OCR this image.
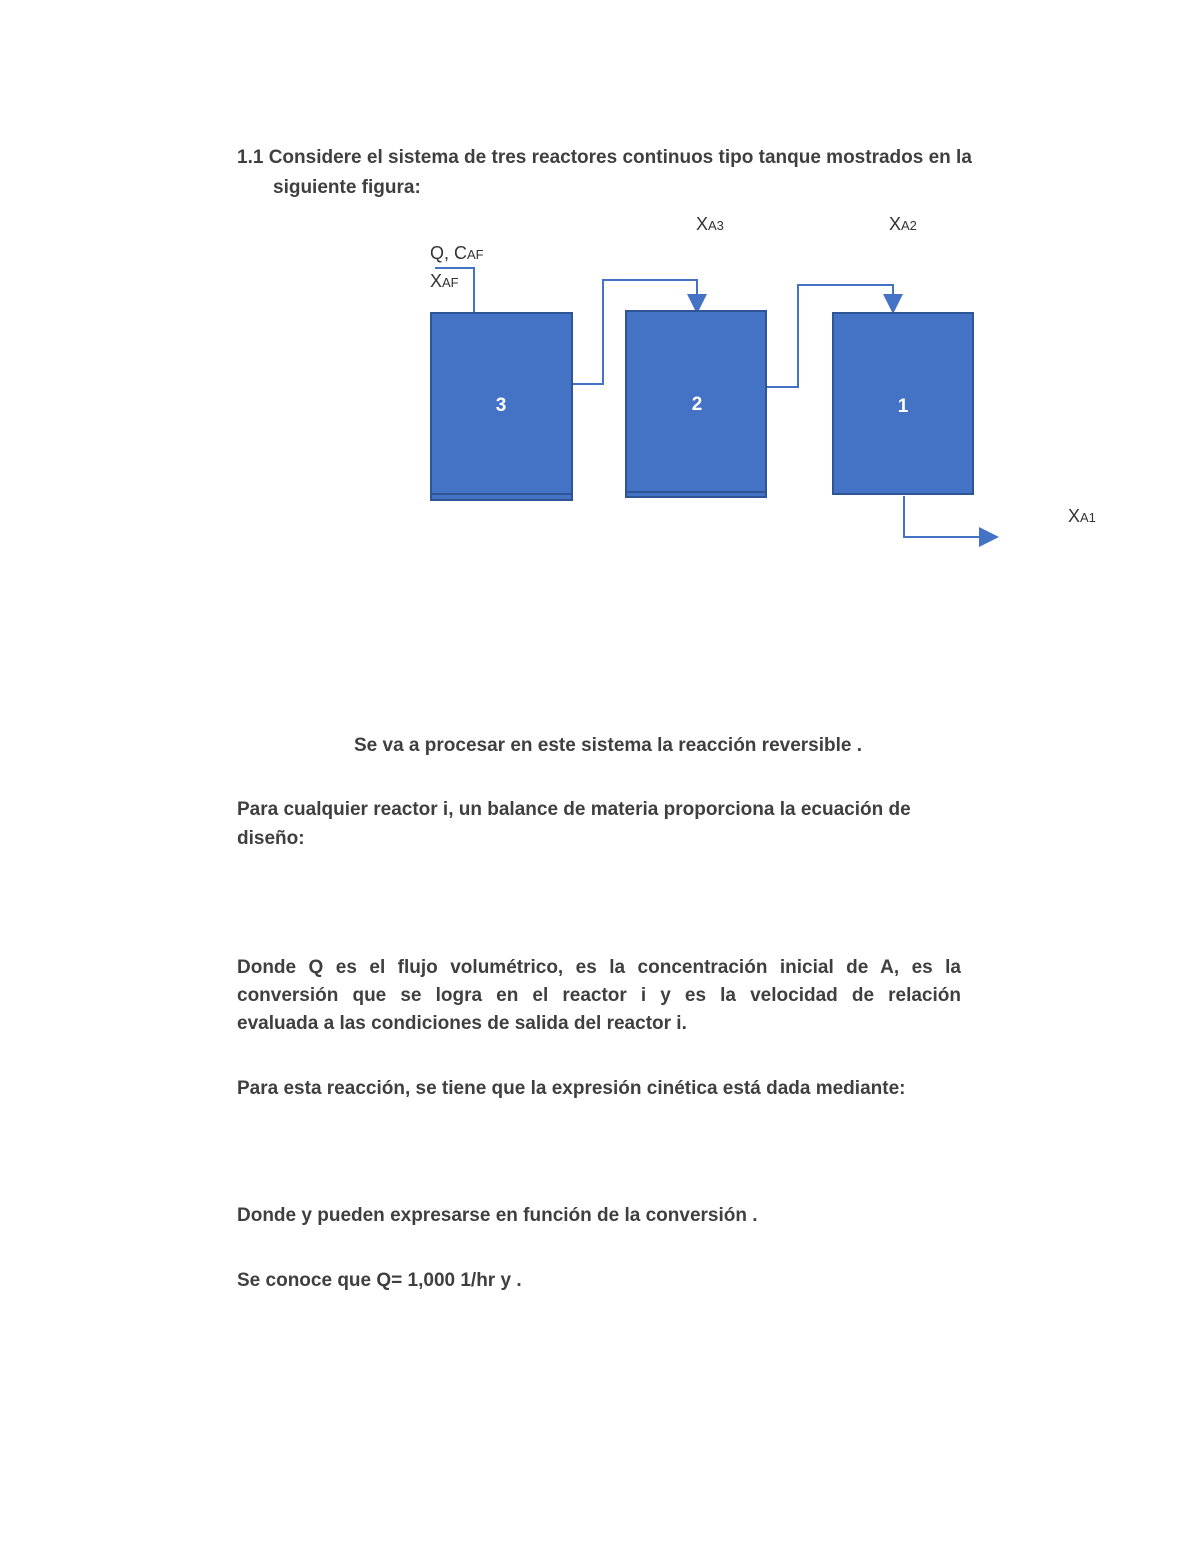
1.1 Considere el sistema de tres reactores continuos tipo tanque mostrados en la
siguiente figura:
3	2	1
Q, CAF
XAF
XA3	XA2
XA1
Se va a procesar en este sistema la reacción reversible .
Para cualquier reactor i, un balance de materia proporciona la ecuación de
diseño:
Donde Q es el flujo volumétrico, es la concentración inicial de A, es la
conversión que se logra en el reactor i y es la velocidad de relación
evaluada a las condiciones de salida del reactor i.
Para esta reacción, se tiene que la expresión cinética está dada mediante:
Donde y pueden expresarse en función de la conversión .
Se conoce que Q= 1,000 1/hr y .
